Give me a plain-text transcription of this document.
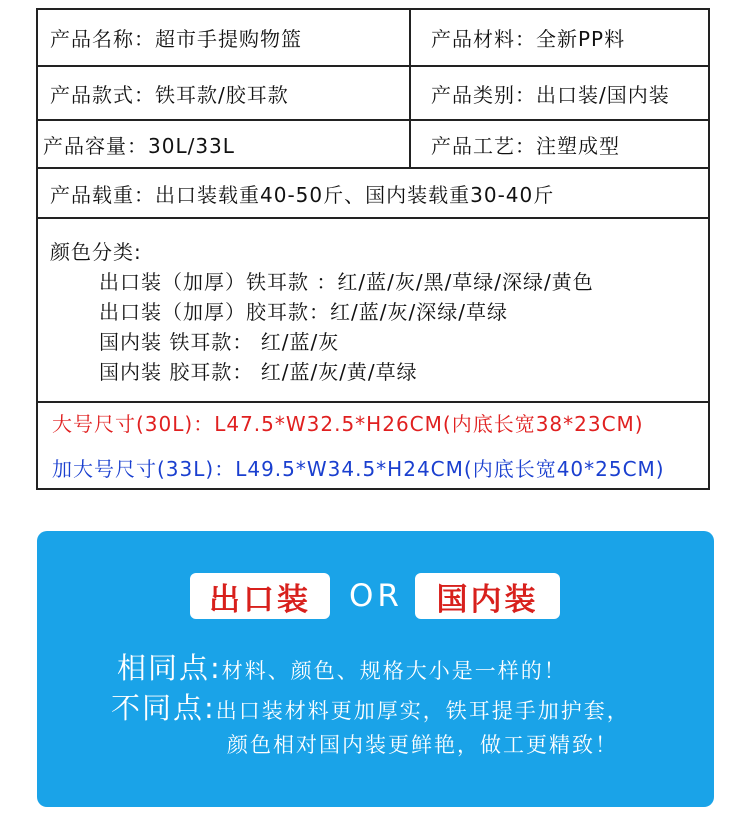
产品名称：超市手提购物篮	产品材料：全新PP料
产品款式：铁耳款/胶耳款	产品类别：出口装/国内装
产品容量：30L/33L	产品工艺：注塑成型
产品载重：出口装载重40-50斤、国内装载重30-40斤
颜色分类:
出口装（加厚）铁耳款 ：红/蓝/灰/黑/草绿/深绿/黄色
出口装（加厚）胶耳款：红/蓝/灰/深绿/草绿
国内装 铁耳款： 红/蓝/灰
国内装 胶耳款： 红/蓝/灰/黄/草绿
大号尺寸(30L)：L47.5*W32.5*H26CM(内底长宽38*23CM)
加大号尺寸(33L)：L49.5*W34.5*H24CM(内底长宽40*25CM)
出口装	OR	国内装
相同点:材料、颜色、规格大小是一样的！
不同点:出口装材料更加厚实，铁耳提手加护套，
颜色相对国内装更鲜艳，做工更精致！
